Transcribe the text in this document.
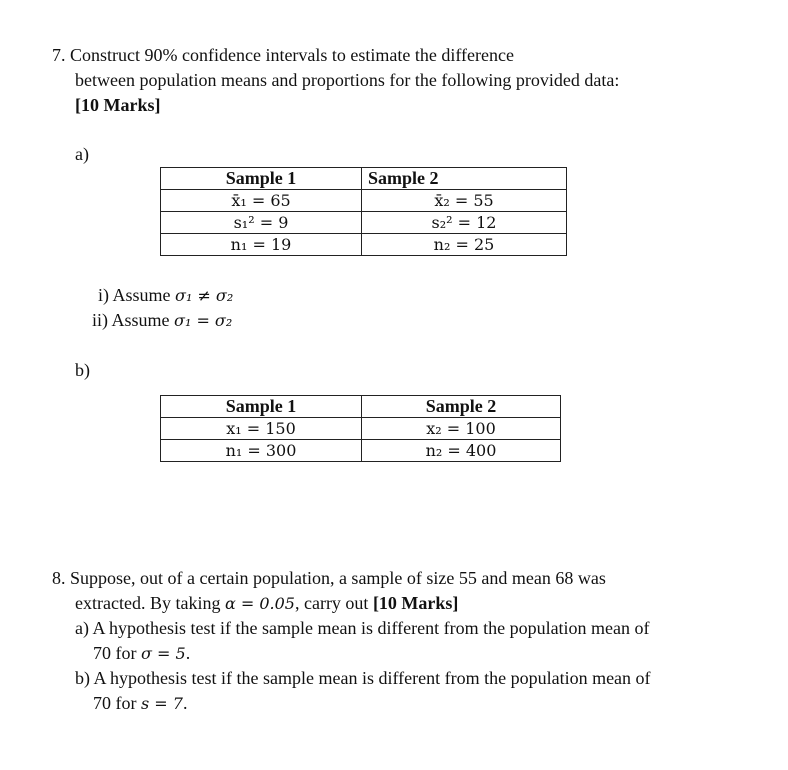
7. Construct 90% confidence intervals to estimate the difference
between population means and proportions for the following provided data:
[10 Marks]
a)
Sample 1	Sample 2
x̄₁ = 65	x̄₂ = 55
s₁² = 9	s₂² = 12
n₁ = 19	n₂ = 25
i) Assume σ₁ ≠ σ₂
ii) Assume σ₁ = σ₂
b)
Sample 1	Sample 2
x₁ = 150	x₂ = 100
n₁ = 300	n₂ = 400
8. Suppose, out of a certain population, a sample of size 55 and mean 68 was
extracted. By taking α = 0.05, carry out [10 Marks]
a) A hypothesis test if the sample mean is different from the population mean of
70 for σ = 5.
b) A hypothesis test if the sample mean is different from the population mean of
70 for s = 7.
